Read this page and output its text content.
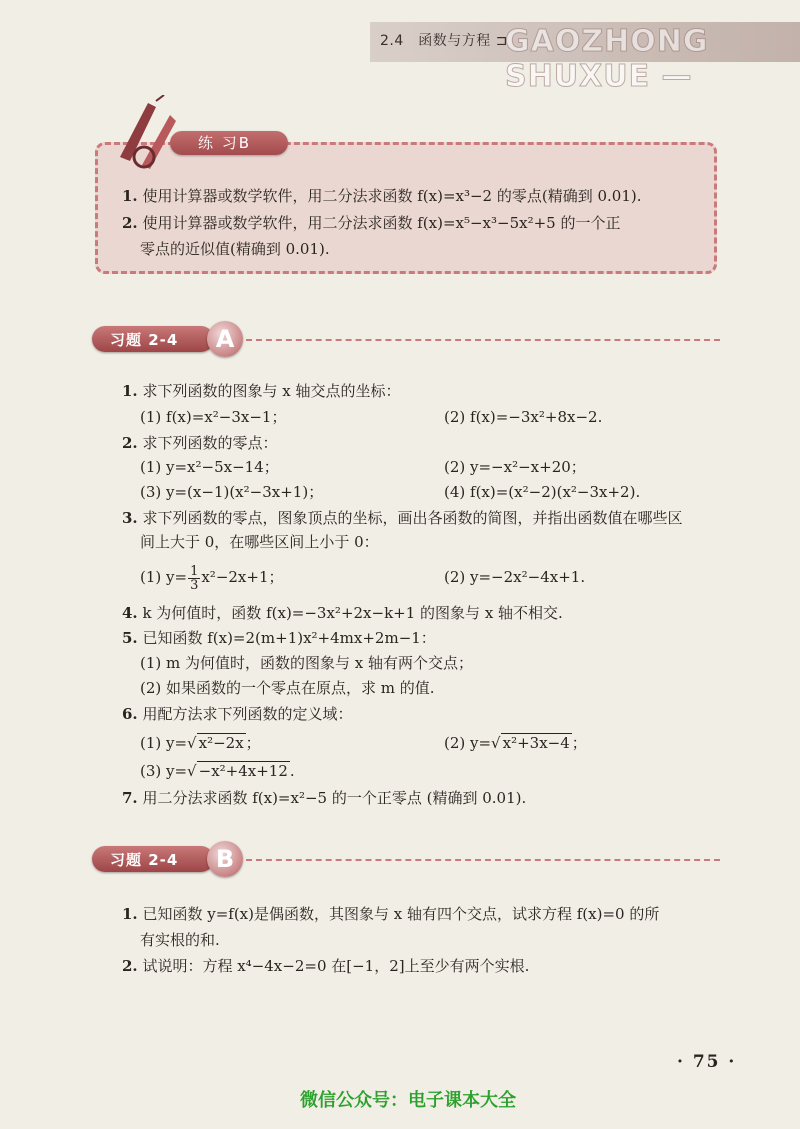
2.4　函数与方程 ⊐
GAOZHONG SHUXUE —
练 习B
1. 使用计算器或数学软件，用二分法求函数 f(x)=x³−2 的零点(精确到 0.01).
2. 使用计算器或数学软件，用二分法求函数 f(x)=x⁵−x³−5x²+5 的一个正
零点的近似值(精确到 0.01).
习题 2-4	A
1. 求下列函数的图象与 x 轴交点的坐标：
(1) f(x)=x²−3x−1；	(2) f(x)=−3x²+8x−2.
2. 求下列函数的零点：
(1) y=x²−5x−14；	(2) y=−x²−x+20；
(3) y=(x−1)(x²−3x+1)；	(4) f(x)=(x²−2)(x²−3x+2).
3. 求下列函数的零点，图象顶点的坐标，画出各函数的简图，并指出函数值在哪些区
间上大于 0，在哪些区间上小于 0：
(1) $y= \frac{1}{3} x^2-2x+1$；	(2) y=−2x²−4x+1.
4. k 为何值时，函数 f(x)=−3x²+2x−k+1 的图象与 x 轴不相交.
5. 已知函数 f(x)=2(m+1)x²+4mx+2m−1：
(1) m 为何值时，函数的图象与 x 轴有两个交点；
(2) 如果函数的一个零点在原点，求 m 的值.
6. 用配方法求下列函数的定义域：
(1) y=√ x²−2x ；	(2) y=√ x²+3x−4 ；
(3) y=√ −x²+4x+12 .
7. 用二分法求函数 f(x)=x²−5 的一个正零点 (精确到 0.01).
习题 2-4	B
1. 已知函数 y=f(x)是偶函数，其图象与 x 轴有四个交点，试求方程 f(x)=0 的所
有实根的和.
2. 试说明：方程 x⁴−4x−2=0 在[−1，2]上至少有两个实根.
· 75 ·
微信公众号：电子课本大全
